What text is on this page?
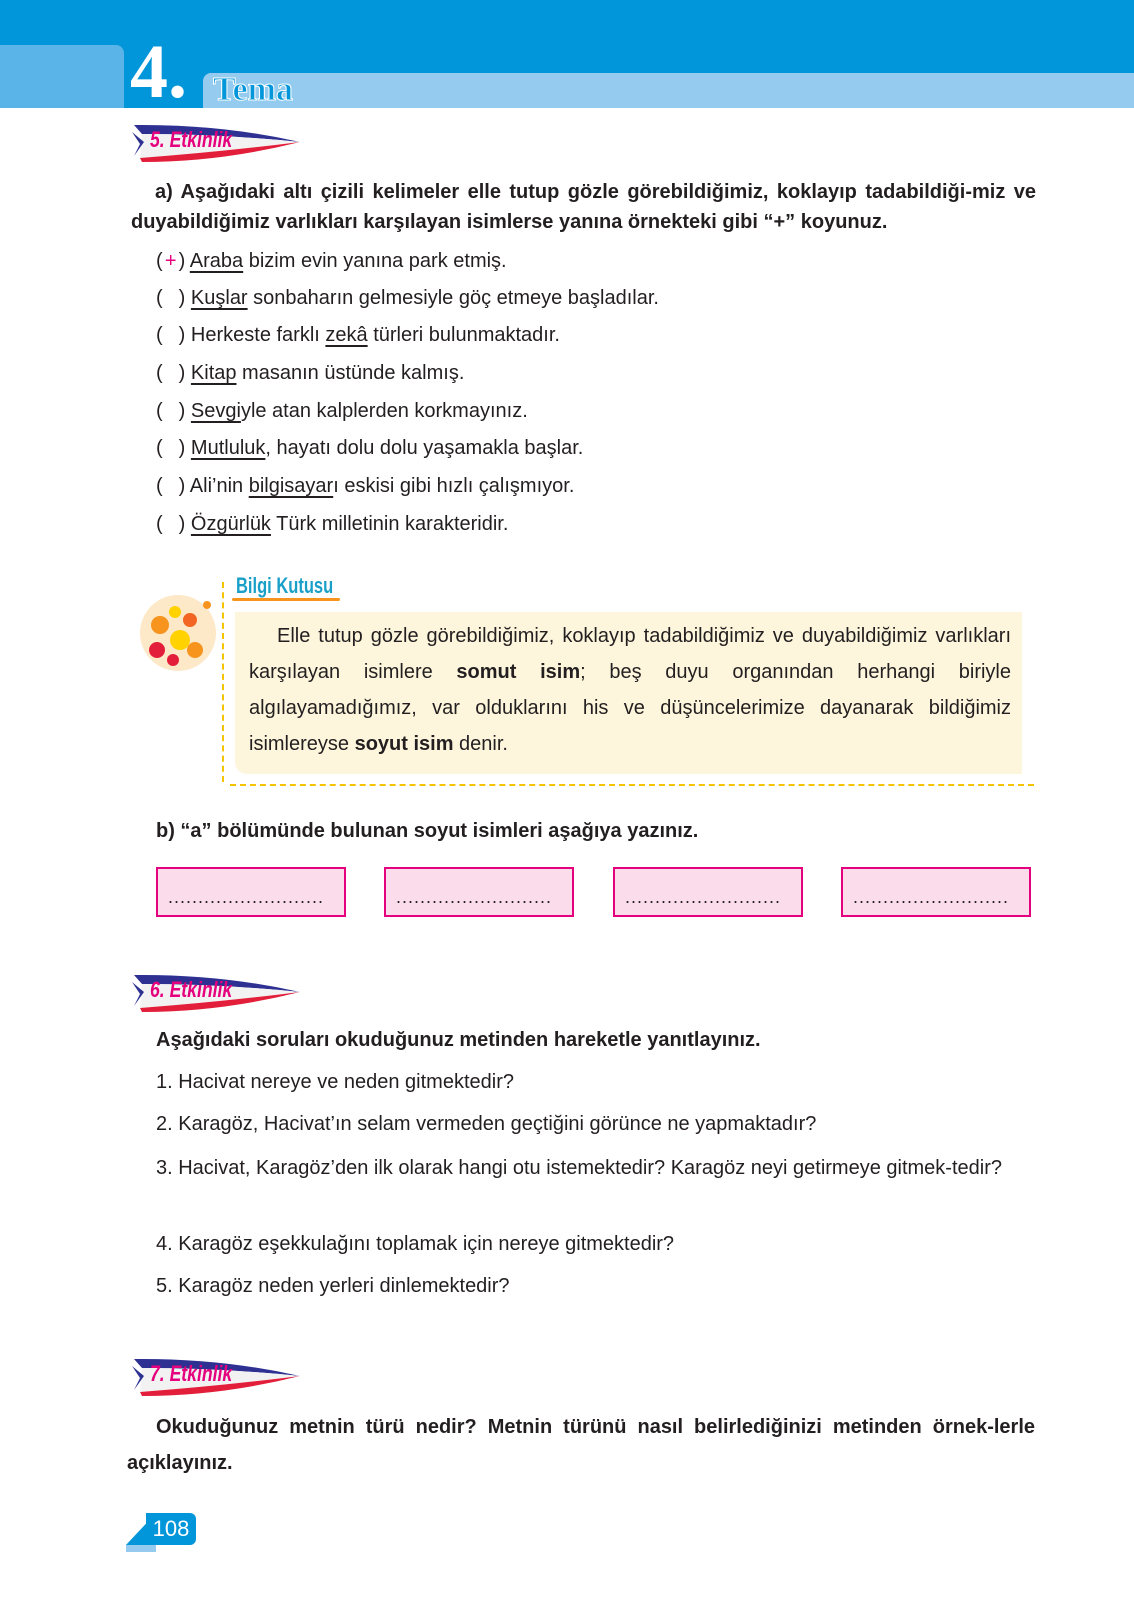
4. Tema
5. Etkinlik
a) Aşağıdaki altı çizili kelimeler elle tutup gözle görebildiğimiz, koklayıp tadabildiği-miz ve duyabildiğimiz varlıkları karşılayan isimlerse yanına örnekteki gibi “+” koyunuz.
( + ) Araba bizim evin yanına park etmiş.
( ) Kuşlar sonbaharın gelmesiyle göç etmeye başladılar.
( ) Herkeste farklı zekâ türleri bulunmaktadır.
( ) Kitap masanın üstünde kalmış.
( ) Sevgiyle atan kalplerden korkmayınız.
( ) Mutluluk, hayatı dolu dolu yaşamakla başlar.
( ) Ali’nin bilgisayarı eskisi gibi hızlı çalışmıyor.
( ) Özgürlük Türk milletinin karakteridir.
Bilgi Kutusu
Elle tutup gözle görebildiğimiz, koklayıp tadabildiğimiz ve duyabildiğimiz varlıkları karşılayan isimlere somut isim; beş duyu organından herhangi biriyle algılayamadığımız, var olduklarını his ve düşüncelerimize dayanarak bildiğimiz isimlereyse soyut isim denir.
b) “a” bölümünde bulunan soyut isimleri aşağıya yazınız.
..........................	..........................	..........................	..........................
6. Etkinlik
Aşağıdaki soruları okuduğunuz metinden hareketle yanıtlayınız.
1. Hacivat nereye ve neden gitmektedir?
2. Karagöz, Hacivat’ın selam vermeden geçtiğini görünce ne yapmaktadır?
3. Hacivat, Karagöz’den ilk olarak hangi otu istemektedir? Karagöz neyi getirmeye gitmek-tedir?
4. Karagöz eşekkulağını toplamak için nereye gitmektedir?
5. Karagöz neden yerleri dinlemektedir?
7. Etkinlik
Okuduğunuz metnin türü nedir? Metnin türünü nasıl belirlediğinizi metinden örnek-lerle açıklayınız.
108
